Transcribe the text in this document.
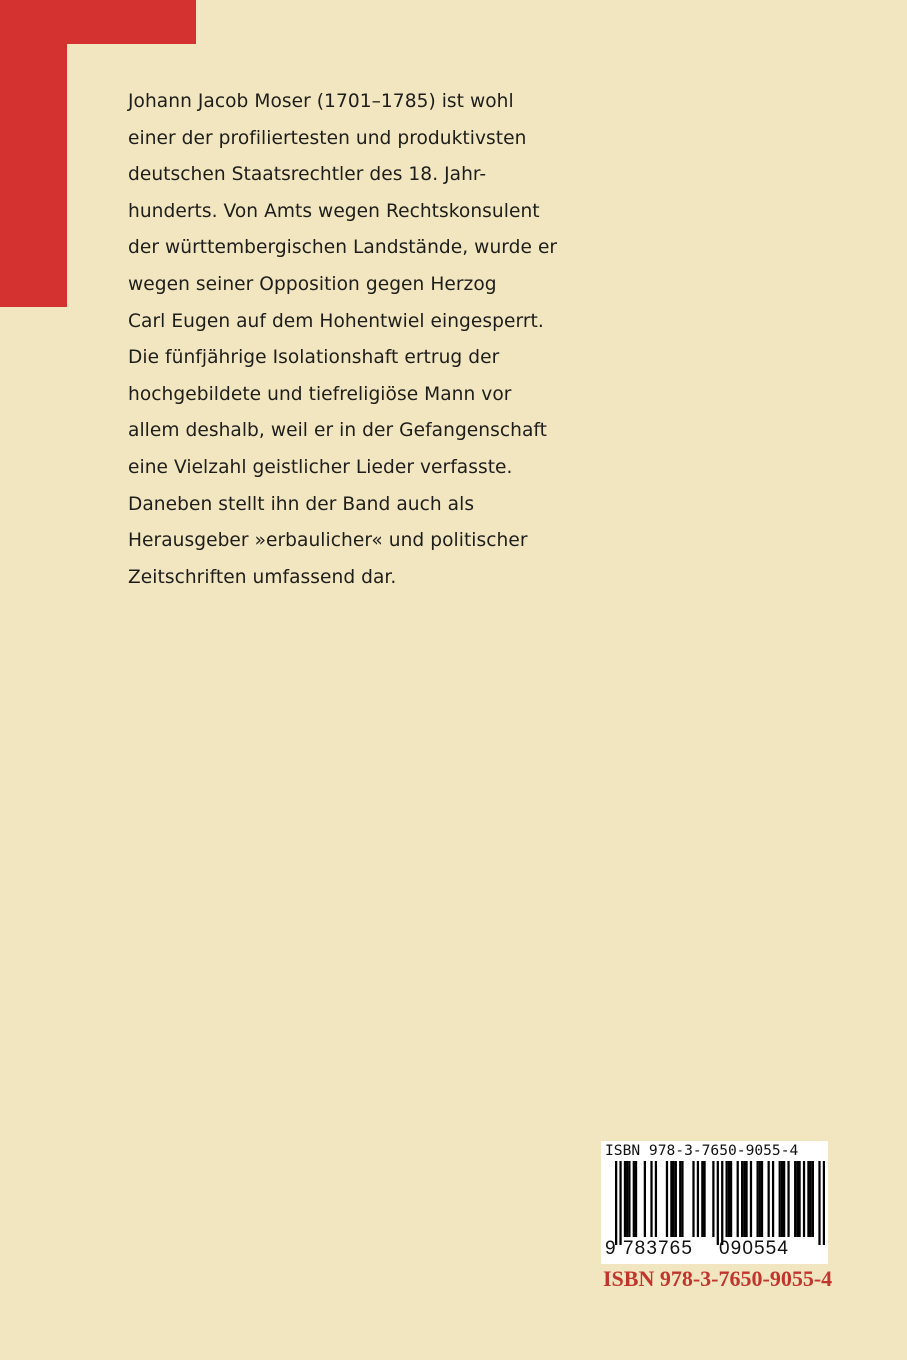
Johann Jacob Moser (1701–1785) ist wohl
einer der profiliertesten und produktivsten
deutschen Staatsrechtler des 18. Jahr-
hunderts. Von Amts wegen Rechtskonsulent
der württembergischen Landstände, wurde er
wegen seiner Opposition gegen Herzog
Carl Eugen auf dem Hohentwiel eingesperrt.
Die fünfjährige Isolationshaft ertrug der
hochgebildete und tiefreligiöse Mann vor
allem deshalb, weil er in der Gefangenschaft
eine Vielzahl geistlicher Lieder verfasste.
Daneben stellt ihn der Band auch als
Herausgeber »erbaulicher« und politischer
Zeitschriften umfassend dar.
ISBN 978-3-7650-9055-4
9 783765 090554
ISBN 978-3-7650-9055-4
